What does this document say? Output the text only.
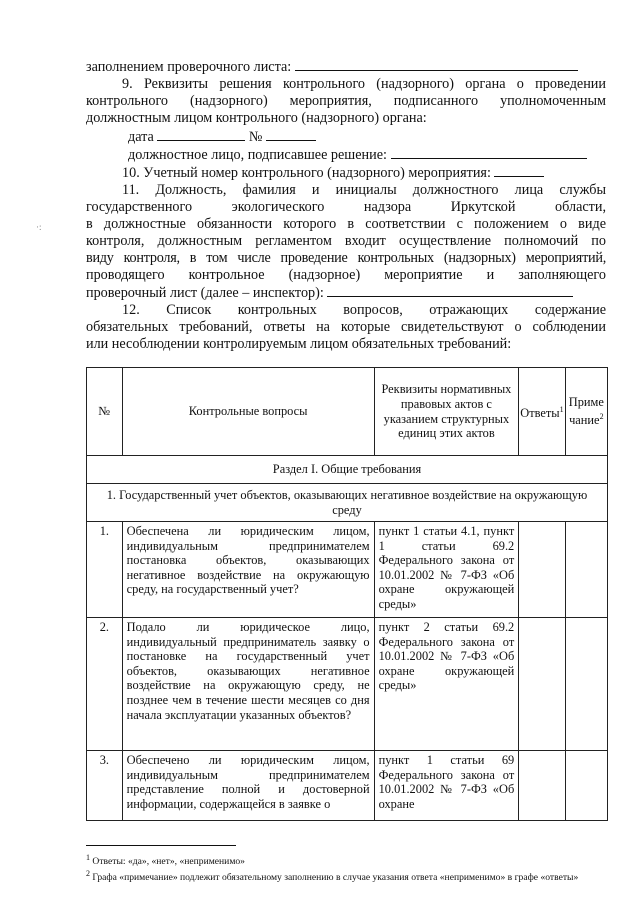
·:
заполнением проверочного листа:
9. Реквизиты решения контрольного (надзорного) органа о проведении
контрольного (надзорного) мероприятия, подписанного уполномоченным
должностным лицом контрольного (надзорного) органа:
дата	№
должностное лицо, подписавшее решение:
10. Учетный номер контрольного (надзорного) мероприятия:
11. Должность, фамилия и инициалы должностного лица службы
государственного экологического надзора Иркутской области,
в должностные обязанности которого в соответствии с положением о виде
контроля, должностным регламентом входит осуществление полномочий по
виду контроля, в том числе проведение контрольных (надзорных) мероприятий,
проводящего контрольное (надзорное) мероприятие и заполняющего
проверочный лист (далее – инспектор):
12. Список контрольных вопросов, отражающих содержание
обязательных требований, ответы на которые свидетельствуют о соблюдении
или несоблюдении контролируемым лицом обязательных требований:
№	Контрольные вопросы	Реквизиты нормативных правовых актов с указанием структурных единиц этих актов	Ответы$^1$	Примечание$^2$
Раздел I. Общие требования				
1. Государственный учет объектов, оказывающих негативное воздействие на окружающую среду				
1.	Обеспечена ли юридическим лицом, индивидуальным предпринимателем постановка объектов, оказывающих негативное воздействие на окружающую среду, на государственный учет?	пункт 1 статьи 4.1, пункт 1 статьи 69.2 Федерального закона от 10.01.2002 № 7-ФЗ «Об охране окружающей среды»		
2.	Подало ли юридическое лицо, индивидуальный предприниматель заявку о постановке на государственный учет объектов, оказывающих негативное воздействие на окружающую среду, не позднее чем в течение шести месяцев со дня начала эксплуатации указанных объектов?	пункт 2 статьи 69.2 Федерального закона от 10.01.2002 № 7-ФЗ «Об охране окружающей среды»		
3.	Обеспечено ли юридическим лицом, индивидуальным предпринимателем представление полной и достоверной информации, содержащейся в заявке о	пункт 1 статьи 69 Федерального закона от 10.01.2002 № 7-ФЗ «Об охране		
$^1$ Ответы: «да», «нет», «неприменимо»
$^2$ Графа «примечание» подлежит обязательному заполнению в случае указания ответа «неприменимо» в графе «ответы»
